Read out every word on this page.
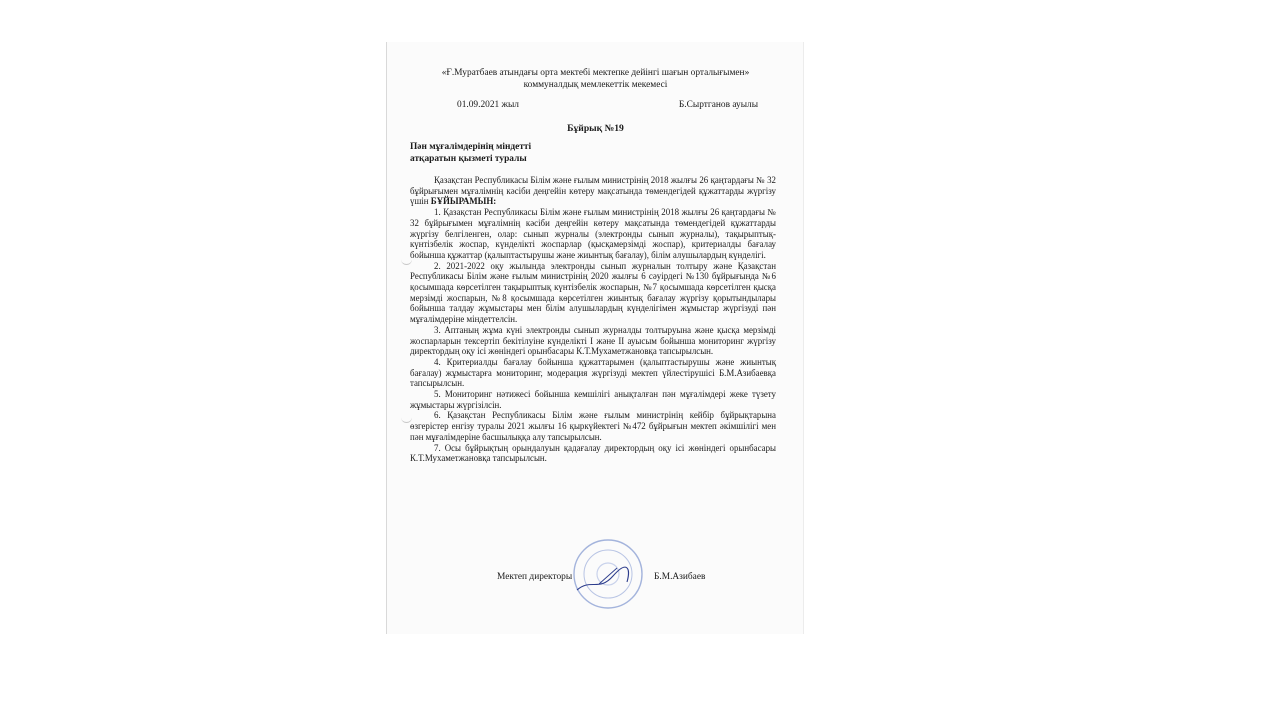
«Ғ.Муратбаев атындағы орта мектебі мектепке дейінгі шағын орталығымен»
коммуналдық мемлекеттік мекемесі
01.09.2021 жыл	Б.Сыртганов ауылы
Бұйрық №19
Пән мұғалімдерінің міндетті
атқаратын қызметі туралы

Қазақстан Республикасы Білім және ғылым министрінің 2018 жылғы 26 қаңтардағы № 32 бұйрығымен мұғалімнің кәсіби деңгейін көтеру мақсатында төмендегідей құжаттарды жүргізу үшін БҰЙЫРАМЫН:

1. Қазақстан Республикасы Білім және ғылым министрінің 2018 жылғы 26 қаңтардағы № 32 бұйрығымен мұғалімнің кәсіби деңгейін көтеру мақсатында төмендегідей құжаттарды жүргізу белгіленген, олар: сынып журналы (электронды сынып журналы), тақырыптық-күнтізбелік жоспар, күнделікті жоспарлар (қысқамерзімді жоспар), критериалды бағалау бойынша құжаттар (қалыптастырушы және жиынтық бағалау), білім алушылардың күнделігі.

2. 2021-2022 оқу жылында электронды сынып журналын толтыру және Қазақстан Республикасы Білім және ғылым министрінің 2020 жылғы 6 сәуірдегі №130 бұйрығында №6 қосымшада көрсетілген тақырыптық күнтізбелік жоспарын, №7 қосымшада көрсетілген қысқа мерзімді жоспарын, №8 қосымшада көрсетілген жиынтық бағалау жүргізу қорытындылары бойынша талдау жұмыстары мен білім алушылардың күнделігімен жұмыстар жүргізуді пән мұғалімдеріне міндеттелсін.

3. Аптаның жұма күні электронды сынып журналды толтыруына және қысқа мерзімді жоспарларын тексертіп бекітілуіне күнделікті І және ІІ ауысым бойынша мониторинг жүргізу директордың оқу ісі жөніндегі орынбасары К.Т.Мухаметжановқа тапсырылсын.

4. Критериалды бағалау бойынша құжаттарымен (қалыптастырушы және жиынтық бағалау) жұмыстарға мониторинг, модерация жүргізуді мектеп үйлестірушісі Б.М.Азибаевқа тапсырылсын.

5. Мониторинг нәтижесі бойынша кемшілігі анықталған пән мұғалімдері жеке түзету жұмыстары жүргізілсін.

6. Қазақстан Республикасы Білім және ғылым министрінің кейбір бұйрықтарына өзгерістер енгізу туралы 2021 жылғы 16 қыркүйектегі №472 бұйрығын мектеп әкімшілігі мен пән мұғалімдеріне басшылыққа алу тапсырылсын.

7. Осы бұйрықтың орындалуын қадағалау директордың оқу ісі жөніндегі орынбасары К.Т.Мухаметжановқа тапсырылсын.

Мектеп директоры	Б.М.Азибаев
